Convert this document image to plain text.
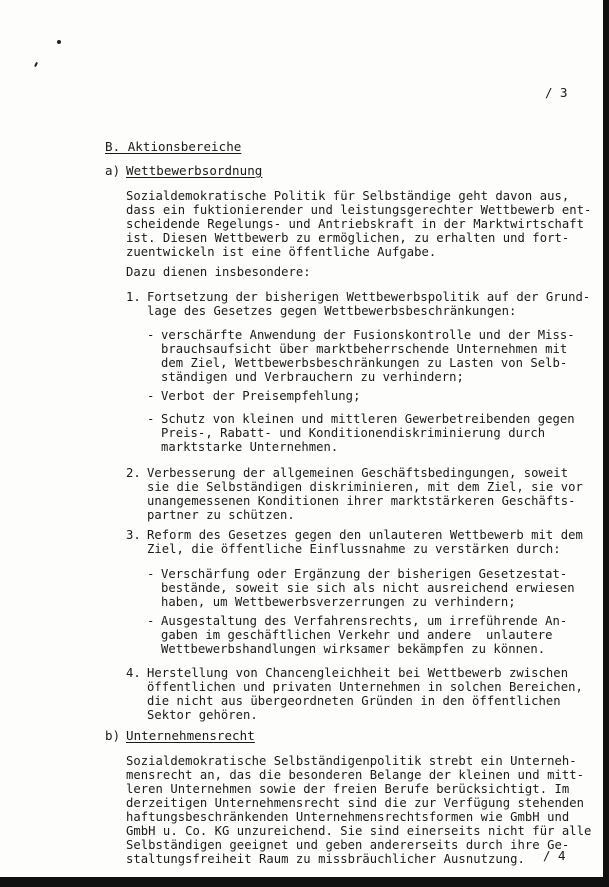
/ 3
B. Aktionsbereiche
a) Wettbewerbsordnung
Sozialdemokratische Politik für Selbständige geht davon aus,
dass ein fuktionierender und leistungsgerechter Wettbewerb ent-
scheidende Regelungs- und Antriebskraft in der Marktwirtschaft
ist. Diesen Wettbewerb zu ermöglichen, zu erhalten und fort-
zuentwickeln ist eine öffentliche Aufgabe.
Dazu dienen insbesondere:
1. Fortsetzung der bisherigen Wettbewerbspolitik auf der Grund-
lage des Gesetzes gegen Wettbewerbsbeschränkungen:
- verschärfte Anwendung der Fusionskontrolle und der Miss-
brauchsaufsicht über marktbeherrschende Unternehmen mit
dem Ziel, Wettbewerbsbeschränkungen zu Lasten von Selb-
ständigen und Verbrauchern zu verhindern;
- Verbot der Preisempfehlung;
- Schutz von kleinen und mittleren Gewerbetreibenden gegen
Preis-, Rabatt- und Konditionendiskriminierung durch
marktstarke Unternehmen.
2. Verbesserung der allgemeinen Geschäftsbedingungen, soweit
sie die Selbständigen diskriminieren, mit dem Ziel, sie vor
unangemessenen Konditionen ihrer marktstärkeren Geschäfts-
partner zu schützen.
3. Reform des Gesetzes gegen den unlauteren Wettbewerb mit dem
Ziel, die öffentliche Einflussnahme zu verstärken durch:
- Verschärfung oder Ergänzung der bisherigen Gesetzestat-
bestände, soweit sie sich als nicht ausreichend erwiesen
haben, um Wettbewerbsverzerrungen zu verhindern;
- Ausgestaltung des Verfahrensrechts, um irreführende An-
gaben im geschäftlichen Verkehr und andere  unlautere
Wettbewerbshandlungen wirksamer bekämpfen zu können.
4. Herstellung von Chancengleichheit bei Wettbewerb zwischen
öffentlichen und privaten Unternehmen in solchen Bereichen,
die nicht aus übergeordneten Gründen in den öffentlichen
Sektor gehören.
b) Unternehmensrecht
Sozialdemokratische Selbständigenpolitik strebt ein Unterneh-
mensrecht an, das die besonderen Belange der kleinen und mitt-
leren Unternehmen sowie der freien Berufe berücksichtigt. Im
derzeitigen Unternehmensrecht sind die zur Verfügung stehenden
haftungsbeschränkenden Unternehmensrechtsformen wie GmbH und
GmbH u. Co. KG unzureichend. Sie sind einerseits nicht für alle
Selbständigen geeignet und geben andererseits durch ihre Ge-
staltungsfreiheit Raum zu missbräuchlicher Ausnutzung. / 4
